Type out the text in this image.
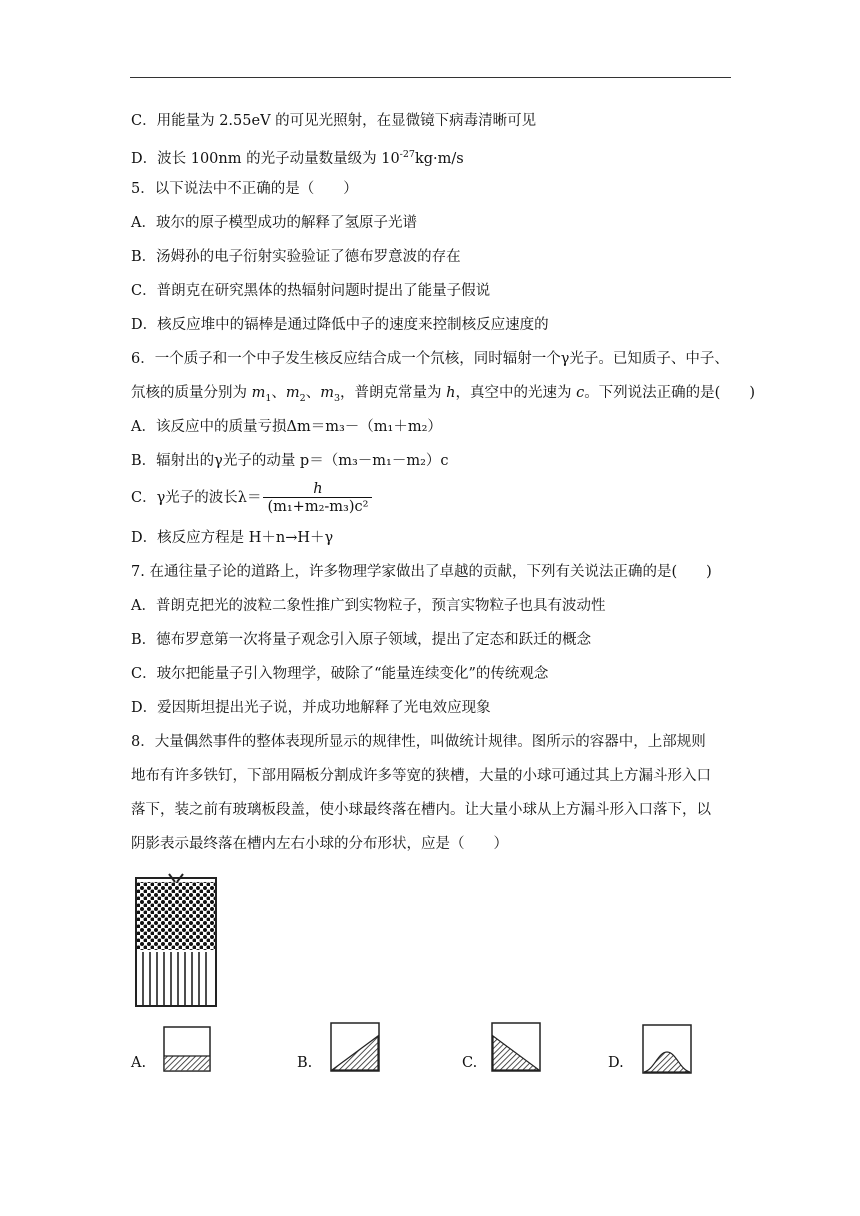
C．用能量为 2.55eV 的可见光照射，在显微镜下病毒清晰可见
D．波长 100nm 的光子动量数量级为 $10^{-27}kg\cdot m/s$
5．以下说法中不正确的是（　　）
A．玻尔的原子模型成功的解释了氢原子光谱
B．汤姆孙的电子衍射实验验证了德布罗意波的存在
C．普朗克在研究黑体的热辐射问题时提出了能量子假说
D．核反应堆中的镉棒是通过降低中子的速度来控制核反应速度的
6．一个质子和一个中子发生核反应结合成一个氘核，同时辐射一个γ光子。已知质子、中子、
氘核的质量分别为 $m_1$、$m_2$、$m_3$，普朗克常量为 h，真空中的光速为 c。下列说法正确的是(　　)
A．该反应中的质量亏损Δm＝m₃－（m₁＋m₂）
B．辐射出的γ光子的动量 p＝（m₃－m₁－m₂）c
C．γ光子的波长$\lambda= \frac{h}{\text{(m₁+m₂-m₃)c²}}$
D．核反应方程是 H＋n→H＋γ
7. 在通往量子论的道路上，许多物理学家做出了卓越的贡献，下列有关说法正确的是(　　)
A．普朗克把光的波粒二象性推广到实物粒子，预言实物粒子也具有波动性
B．德布罗意第一次将量子观念引入原子领域，提出了定态和跃迁的概念
C．玻尔把能量子引入物理学，破除了“能量连续变化”的传统观念
D．爱因斯坦提出光子说，并成功地解释了光电效应现象
8．大量偶然事件的整体表现所显示的规律性，叫做统计规律。图所示的容器中，上部规则
地布有许多铁钉，下部用隔板分割成许多等宽的狭槽，大量的小球可通过其上方漏斗形入口
落下，装之前有玻璃板段盖，使小球最终落在槽内。让大量小球从上方漏斗形入口落下，以
阴影表示最终落在槽内左右小球的分布形状，应是（　　）
A.	B.	C.	D.
